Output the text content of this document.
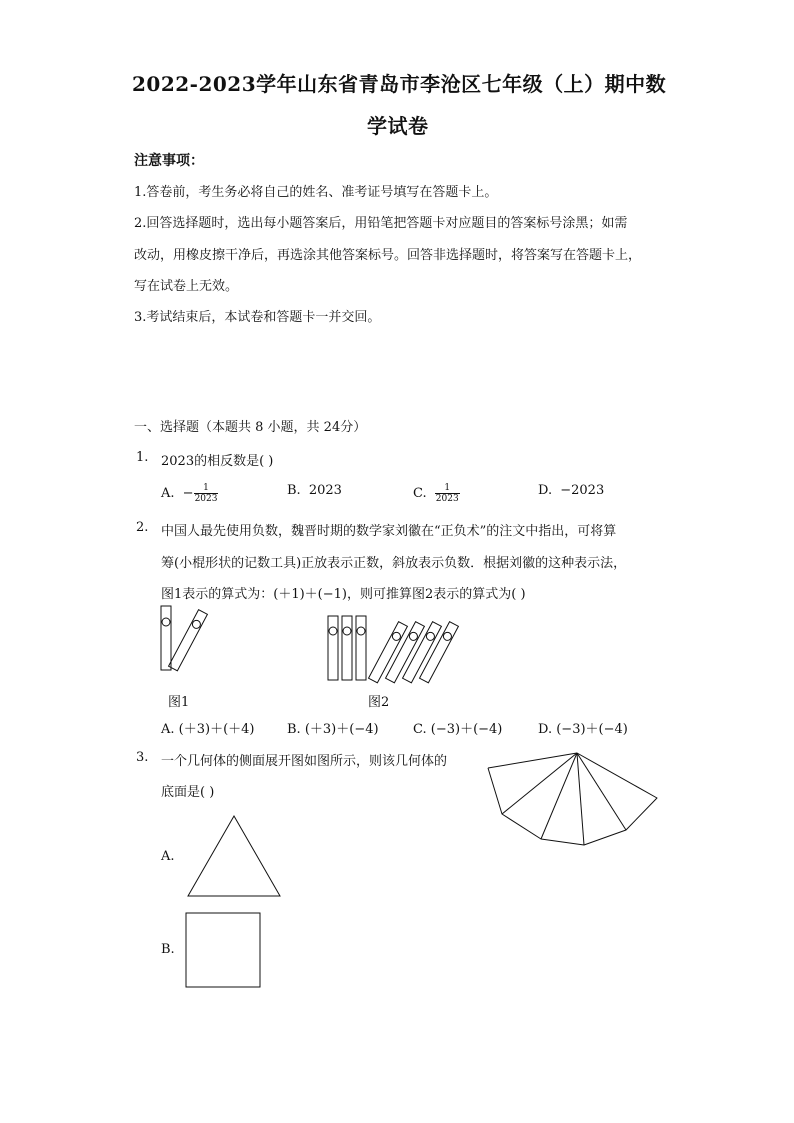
2022-2023学年山东省青岛市李沧区七年级（上）期中数
学试卷
注意事项：
1.答卷前，考生务必将自己的姓名、准考证号填写在答题卡上。
2.回答选择题时，选出每小题答案后，用铅笔把答题卡对应题目的答案标号涂黑；如需
改动，用橡皮擦干净后，再选涂其他答案标号。回答非选择题时，将答案写在答题卡上，
写在试卷上无效。
3.考试结束后，本试卷和答题卡一并交回。
一、选择题（本题共 8 小题，共 24分）
1. 2023的相反数是( )
A. − $\frac{1}{2023}$	B. 2023	C. $\frac{1}{2023}$	D. −2023
2. 中国人最先使用负数，魏晋时期的数学家刘徽在“正负术”的注文中指出，可将算
筹(小棍形状的记数工具)正放表示正数，斜放表示负数．根据刘徽的这种表示法，
图1表示的算式为：(＋1)＋(−1)，则可推算图2表示的算式为( )
图1	图2
A. (＋3)＋(＋4) B. (＋3)＋(−4)	C. (−3)＋(−4)	D. (−3)＋(−4)
3. 一个几何体的侧面展开图如图所示，则该几何体的
底面是( )
A.
B.
